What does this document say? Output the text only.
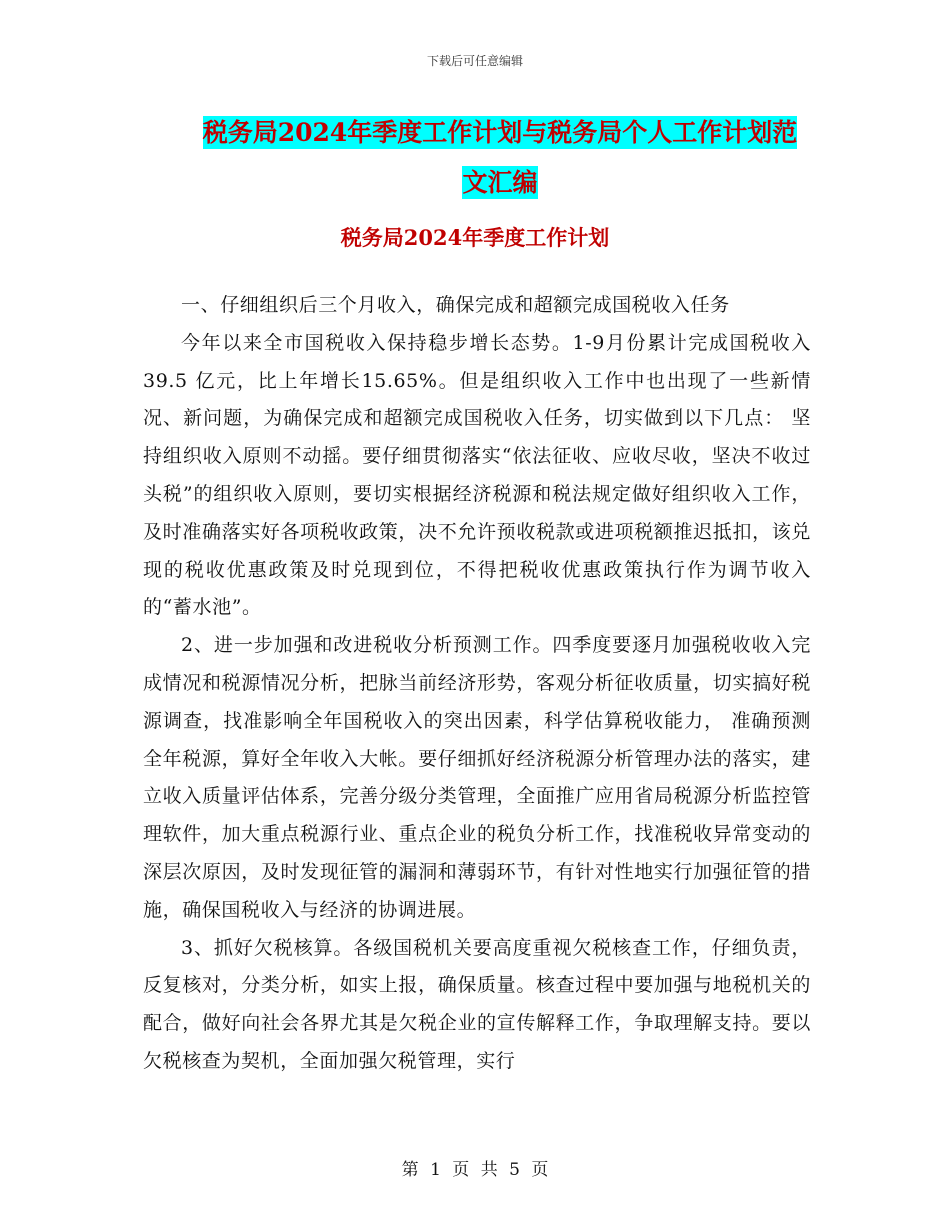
下载后可任意编辑
税务局2024年季度工作计划与税务局个人工作计划范
文汇编
税务局2024年季度工作计划

一、仔细组织后三个月收入，确保完成和超额完成国税收入任务

今年以来全市国税收入保持稳步增长态势。1-9月份累计完成国税收入39.5 亿元，比上年增长15.65%。但是组织收入工作中也出现了一些新情况、新问题，为确保完成和超额完成国税收入任务，切实做到以下几点： 坚持组织收入原则不动摇。要仔细贯彻落实“依法征收、应收尽收，坚决不收过头税”的组织收入原则，要切实根据经济税源和税法规定做好组织收入工作，及时准确落实好各项税收政策，决不允许预收税款或进项税额推迟抵扣，该兑现的税收优惠政策及时兑现到位，不得把税收优惠政策执行作为调节收入的“蓄水池”。

2、进一步加强和改进税收分析预测工作。四季度要逐月加强税收收入完成情况和税源情况分析，把脉当前经济形势，客观分析征收质量，切实搞好税源调查，找准影响全年国税收入的突出因素，科学估算税收能力， 准确预测全年税源，算好全年收入大帐。要仔细抓好经济税源分析管理办法的落实，建立收入质量评估体系，完善分级分类管理，全面推广应用省局税源分析监控管理软件，加大重点税源行业、重点企业的税负分析工作，找准税收异常变动的深层次原因，及时发现征管的漏洞和薄弱环节，有针对性地实行加强征管的措施，确保国税收入与经济的协调进展。

3、抓好欠税核算。各级国税机关要高度重视欠税核查工作，仔细负责，反复核对，分类分析，如实上报，确保质量。核查过程中要加强与地税机关的配合，做好向社会各界尤其是欠税企业的宣传解释工作，争取理解支持。要以欠税核查为契机，全面加强欠税管理，实行

第 1 页 共 5 页
